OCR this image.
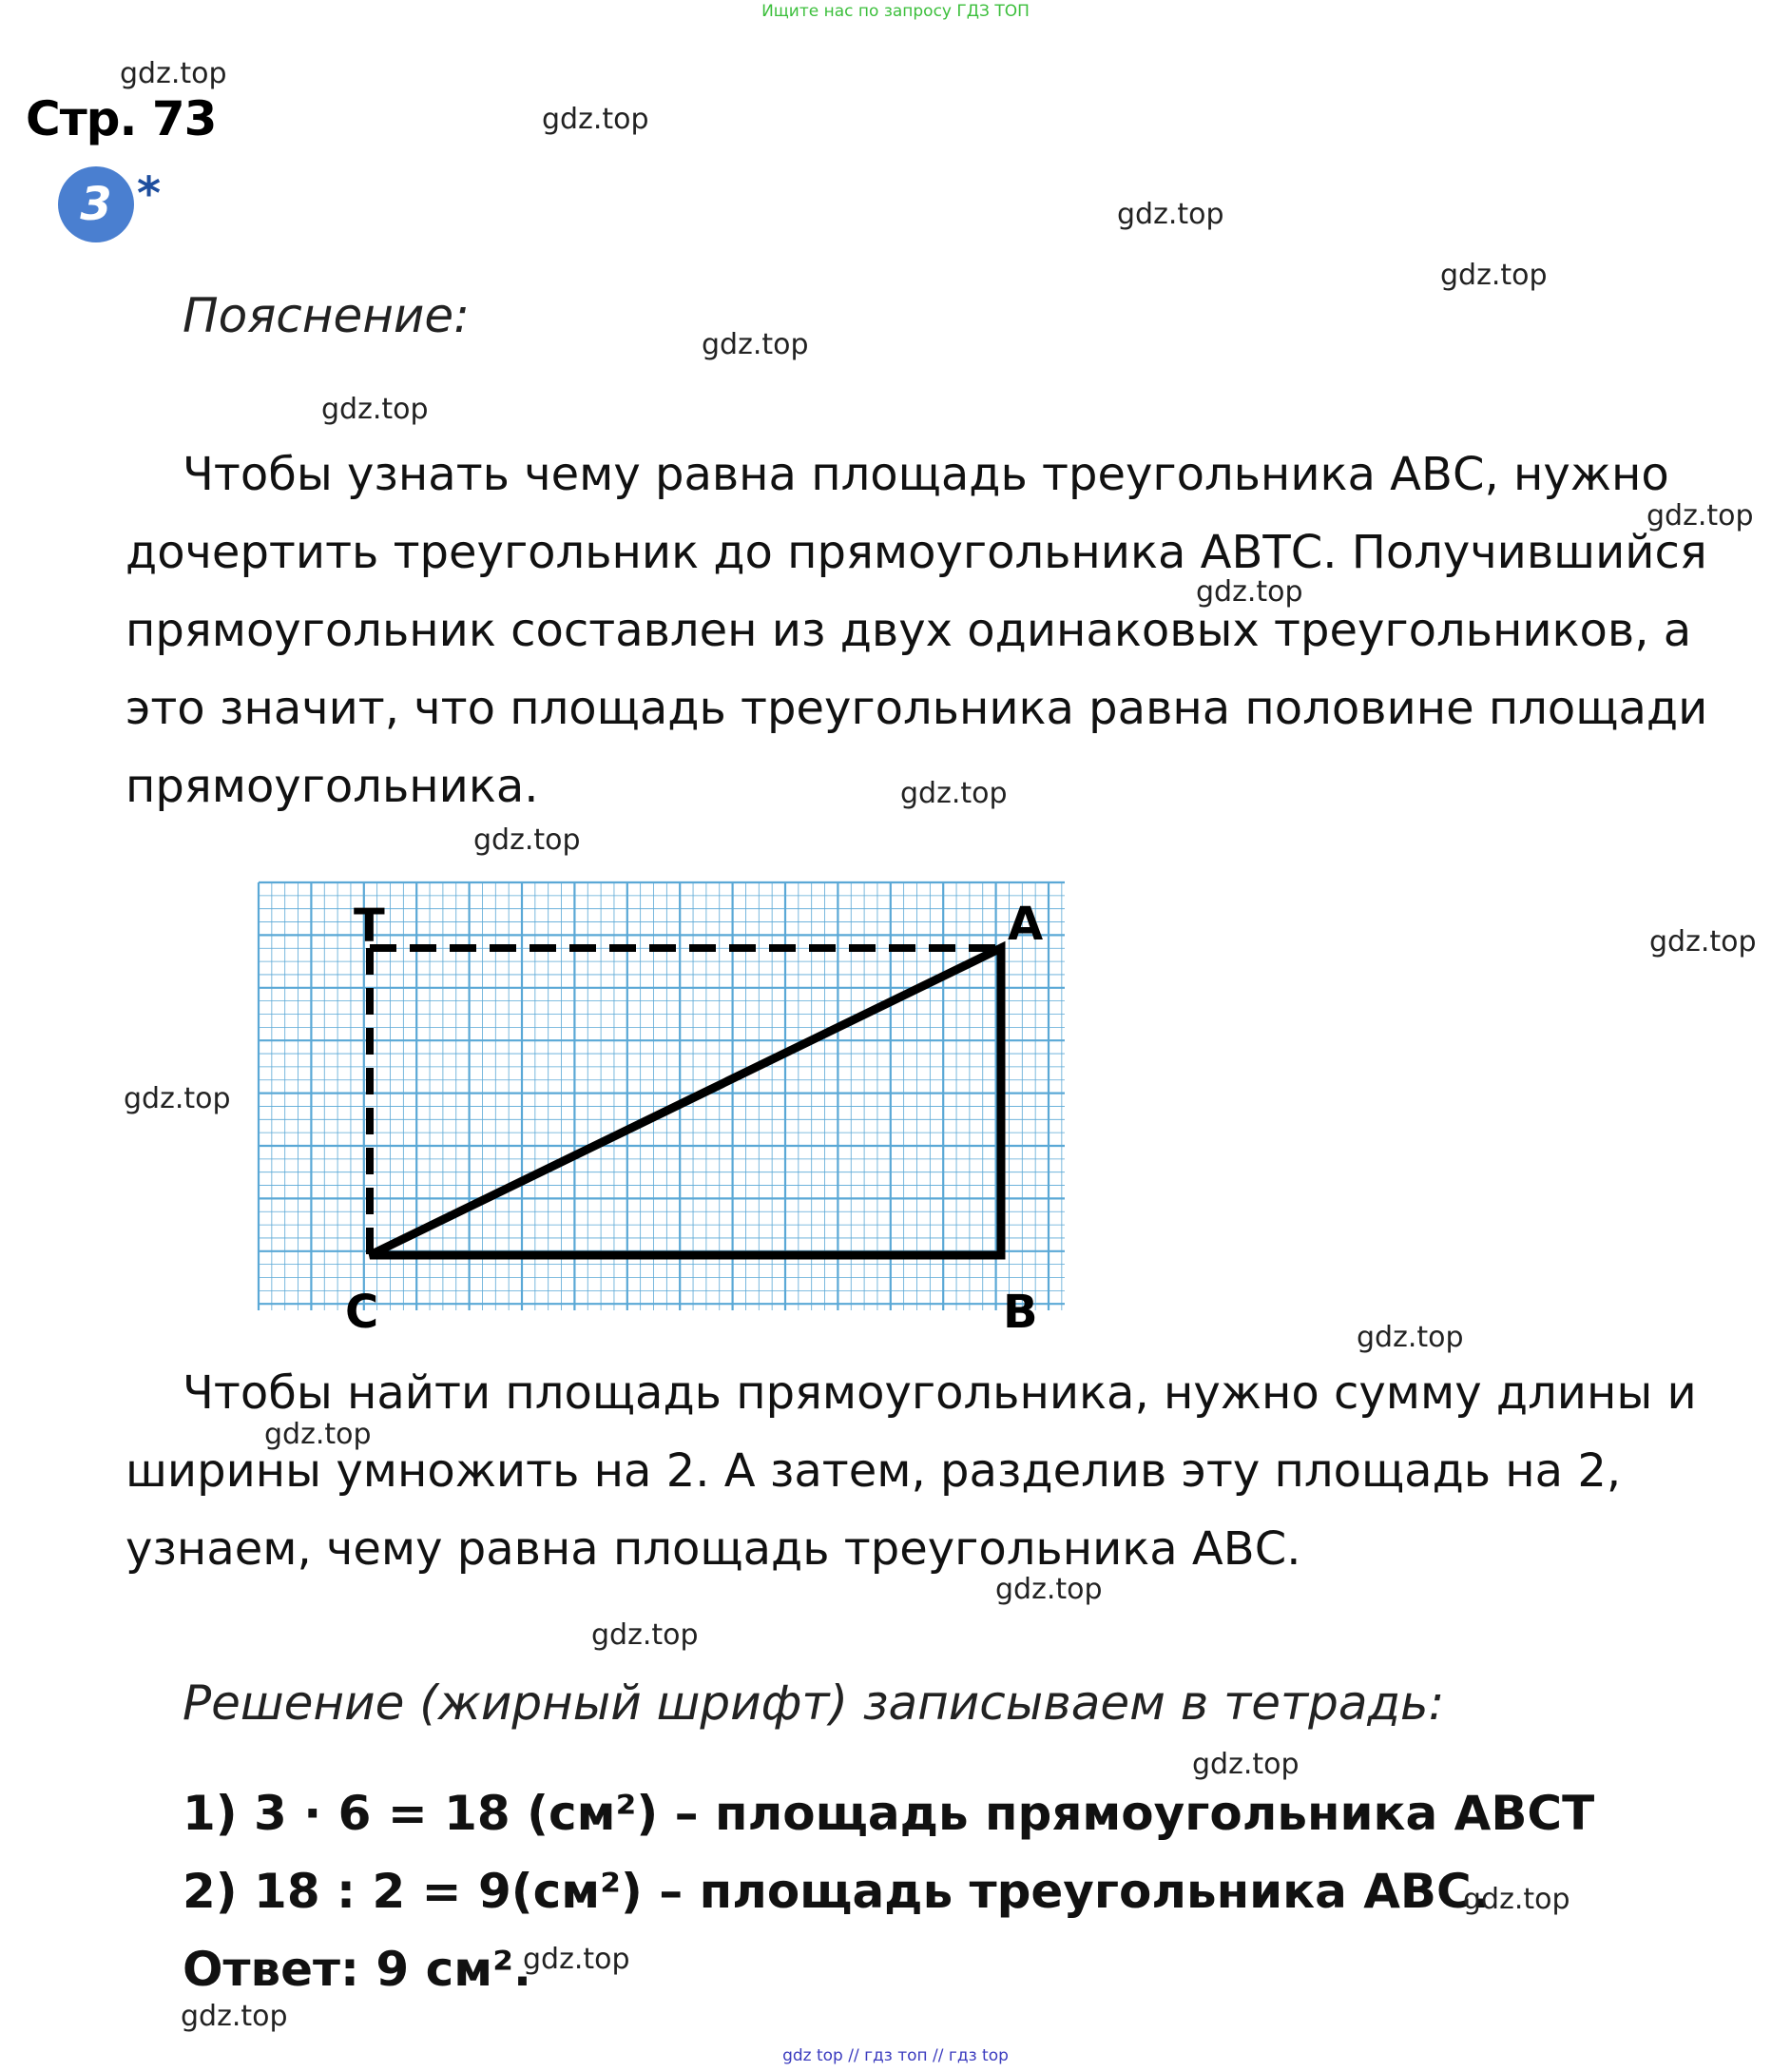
Ищите нас по запросу ГДЗ ТОП
Стр. 73
3 *
Пояснение:
Чтобы узнать чему равна площадь треугольника АВС, нужно
дочертить треугольник до прямоугольника АВТС. Получившийся
прямоугольник составлен из двух одинаковых треугольников, а
это значит, что площадь треугольника равна половине площади
прямоугольника.
T	A
C	B
Чтобы найти площадь прямоугольника, нужно сумму длины и
ширины умножить на 2. А затем, разделив эту площадь на 2,
узнаем, чему равна площадь треугольника АВС.
Решение (жирный шрифт) записываем в тетрадь:
1) 3 · 6 = 18 (см²) – площадь прямоугольника АВСТ
2) 18 : 2 = 9(см²) – площадь треугольника АВС.
Ответ: 9 см².
gdz.top
gdz.top
gdz.top
gdz.top
gdz.top
gdz.top
gdz.top
gdz.top
gdz.top
gdz.top
gdz.top
gdz.top
gdz.top
gdz.top
gdz.top
gdz.top
gdz.top
gdz.top
gdz.top
gdz.top
gdz top // гдз топ // гдз top
